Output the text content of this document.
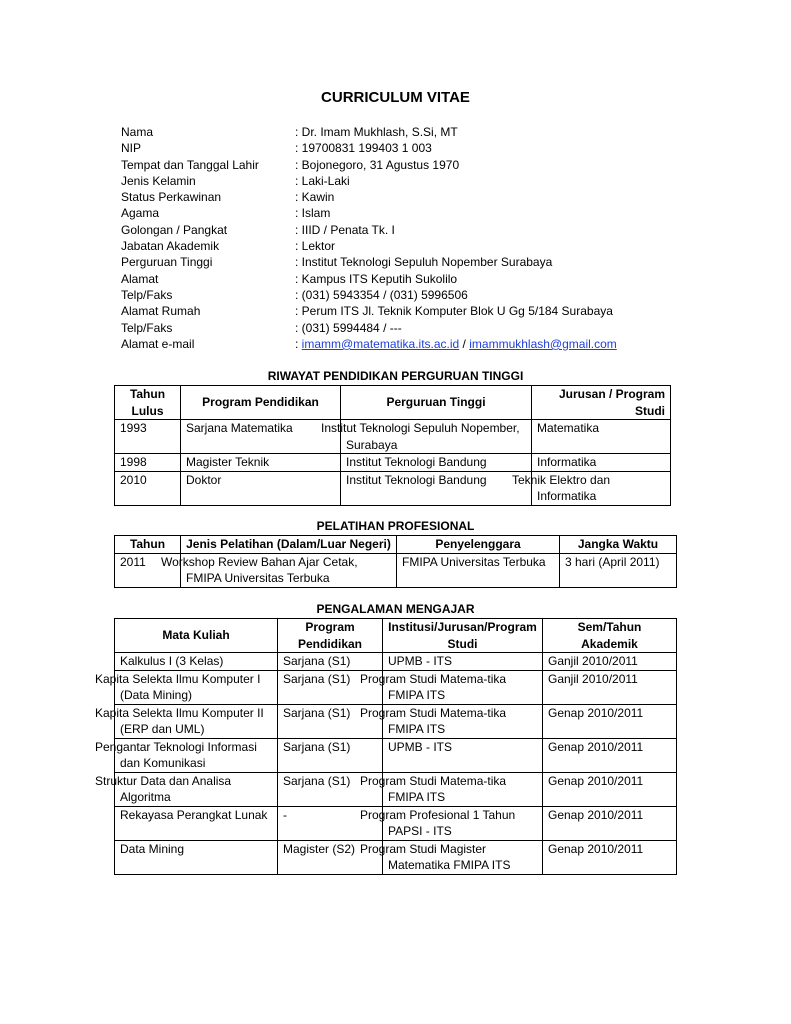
CURRICULUM VITAE
Nama	: Dr. Imam Mukhlash, S.Si, MT
NIP	: 19700831 199403 1 003
Tempat dan Tanggal Lahir	: Bojonegoro, 31 Agustus 1970
Jenis Kelamin	: Laki-Laki
Status Perkawinan	: Kawin
Agama	: Islam
Golongan / Pangkat	: IIID / Penata Tk. I
Jabatan Akademik	: Lektor
Perguruan Tinggi	: Institut Teknologi Sepuluh Nopember Surabaya
Alamat	: Kampus ITS Keputih Sukolilo
Telp/Faks	: (031) 5943354 / (031) 5996506
Alamat Rumah	: Perum ITS Jl. Teknik Komputer Blok U Gg 5/184 Surabaya
Telp/Faks	: (031) 5994484 / ---
Alamat e-mail	: imamm@matematika.its.ac.id / imammukhlash@gmail.com
RIWAYAT PENDIDIKAN PERGURUAN TINGGI
Tahun Lulus	Program Pendidikan	Perguruan Tinggi	Jurusan / Program Studi
1993	Sarjana Matematika	Institut Teknologi Sepuluh Nopember, Surabaya	Matematika
1998	Magister Teknik	Institut Teknologi Bandung	Informatika
2010	Doktor	Institut Teknologi Bandung	Teknik Elektro dan Informatika
PELATIHAN PROFESIONAL
Tahun	Jenis Pelatihan (Dalam/Luar Negeri)	Penyelenggara	Jangka Waktu
2011	Workshop Review Bahan Ajar Cetak, FMIPA Universitas Terbuka	FMIPA Universitas Terbuka	3 hari (April 2011)
PENGALAMAN MENGAJAR
Mata Kuliah	Program Pendidikan	Institusi/Jurusan/Program Studi	Sem/Tahun Akademik
Kalkulus I (3 Kelas)	Sarjana (S1)	UPMB - ITS	Ganjil 2010/2011
Kapita Selekta Ilmu Komputer I (Data Mining)	Sarjana (S1)	Program Studi Matema-tika FMIPA ITS	Ganjil 2010/2011
Kapita Selekta Ilmu Komputer II (ERP dan UML)	Sarjana (S1)	Program Studi Matema-tika FMIPA ITS	Genap 2010/2011
Pengantar Teknologi Informasi dan Komunikasi	Sarjana (S1)	UPMB - ITS	Genap 2010/2011
Struktur Data dan Analisa Algoritma	Sarjana (S1)	Program Studi Matema-tika FMIPA ITS	Genap 2010/2011
Rekayasa Perangkat Lunak	-	Program Profesional 1 Tahun PAPSI - ITS	Genap 2010/2011
Data Mining	Magister (S2)	Program Studi Magister Matematika FMIPA ITS	Genap 2010/2011
